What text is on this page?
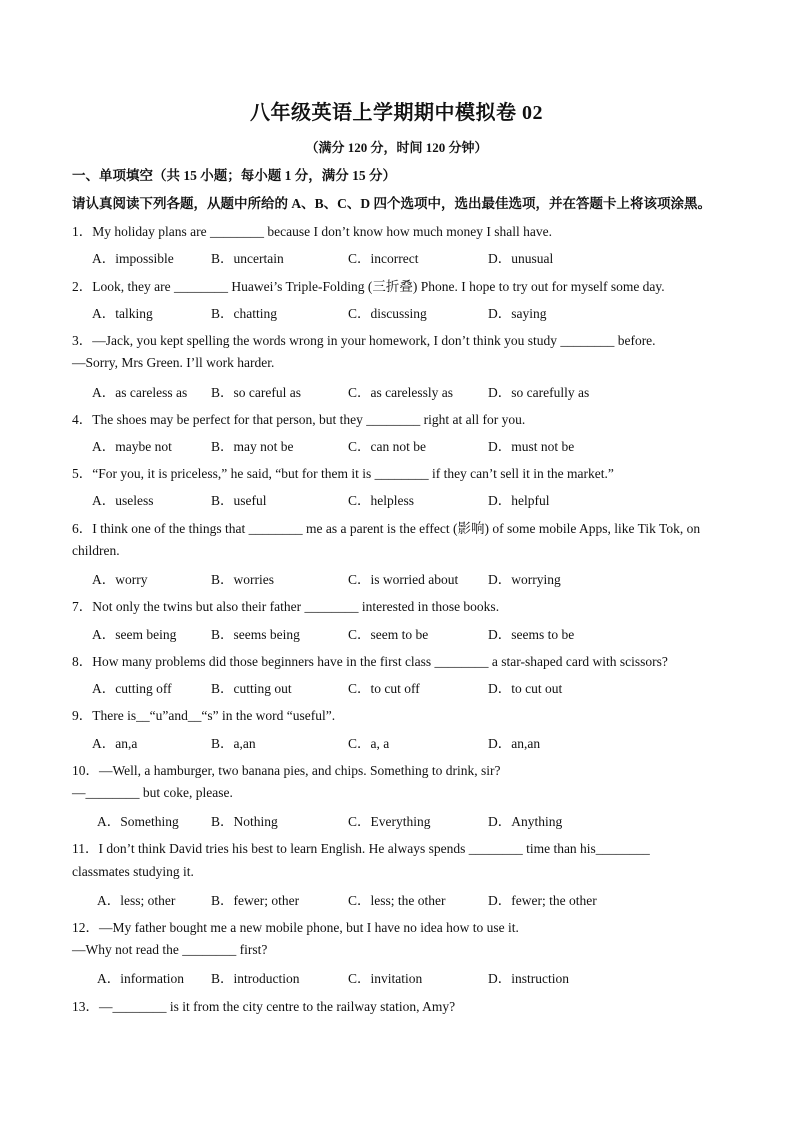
八年级英语上学期期中模拟卷 02
（满分 120 分，时间 120 分钟）
一、单项填空（共 15 小题；每小题 1 分，满分 15 分）
请认真阅读下列各题，从题中所给的 A、B、C、D 四个选项中，选出最佳选项，并在答题卡上将该项涂黑。
1．My holiday plans are ________ because I don’t know how much money I shall have.
A．impossible	B．uncertain	C．incorrect	D．unusual
2．Look, they are ________ Huawei’s Triple-Folding (三折叠) Phone. I hope to try out for myself some day.
A．talking	B．chatting	C．discussing	D．saying
3．—Jack, you kept spelling the words wrong in your homework, I don’t think you study ________ before.
—Sorry, Mrs Green. I’ll work harder.
A．as careless as B．so careful as	C．as carelessly as	D．so carefully as
4．The shoes may be perfect for that person, but they ________ right at all for you.
A．maybe not	B．may not be	C．can not be	D．must not be
5．“For you, it is priceless,” he said, “but for them it is ________ if they can’t sell it in the market.”
A．useless	B．useful	C．helpless	D．helpful
6．I think one of the things that ________ me as a parent is the effect (影响) of some mobile Apps, like Tik Tok, on
children.
A．worry	B．worries	C．is worried about D．worrying
7．Not only the twins but also their father ________ interested in those books.
A．seem being	B．seems being	C．seem to be	D．seems to be
8．How many problems did those beginners have in the first class ________ a star-shaped card with scissors?
A．cutting off	B．cutting out	C．to cut off	D．to cut out
9．There is__“u”and__“s” in the word “useful”.
A．an,a	B．a,an	C．a, a	D．an,an
10．—Well, a hamburger, two banana pies, and chips. Something to drink, sir?
—________ but coke, please.
A．Something B．Nothing	C．Everything	D．Anything
11．I don’t think David tries his best to learn English. He always spends ________ time than his________
classmates studying it.
A．less; other	B．fewer; other	C．less; the other	D．fewer; the other
12．—My father bought me a new mobile phone, but I have no idea how to use it.
—Why not read the ________ first?
A．information B．introduction	C．invitation	D．instruction
13．—________ is it from the city centre to the railway station, Amy?
